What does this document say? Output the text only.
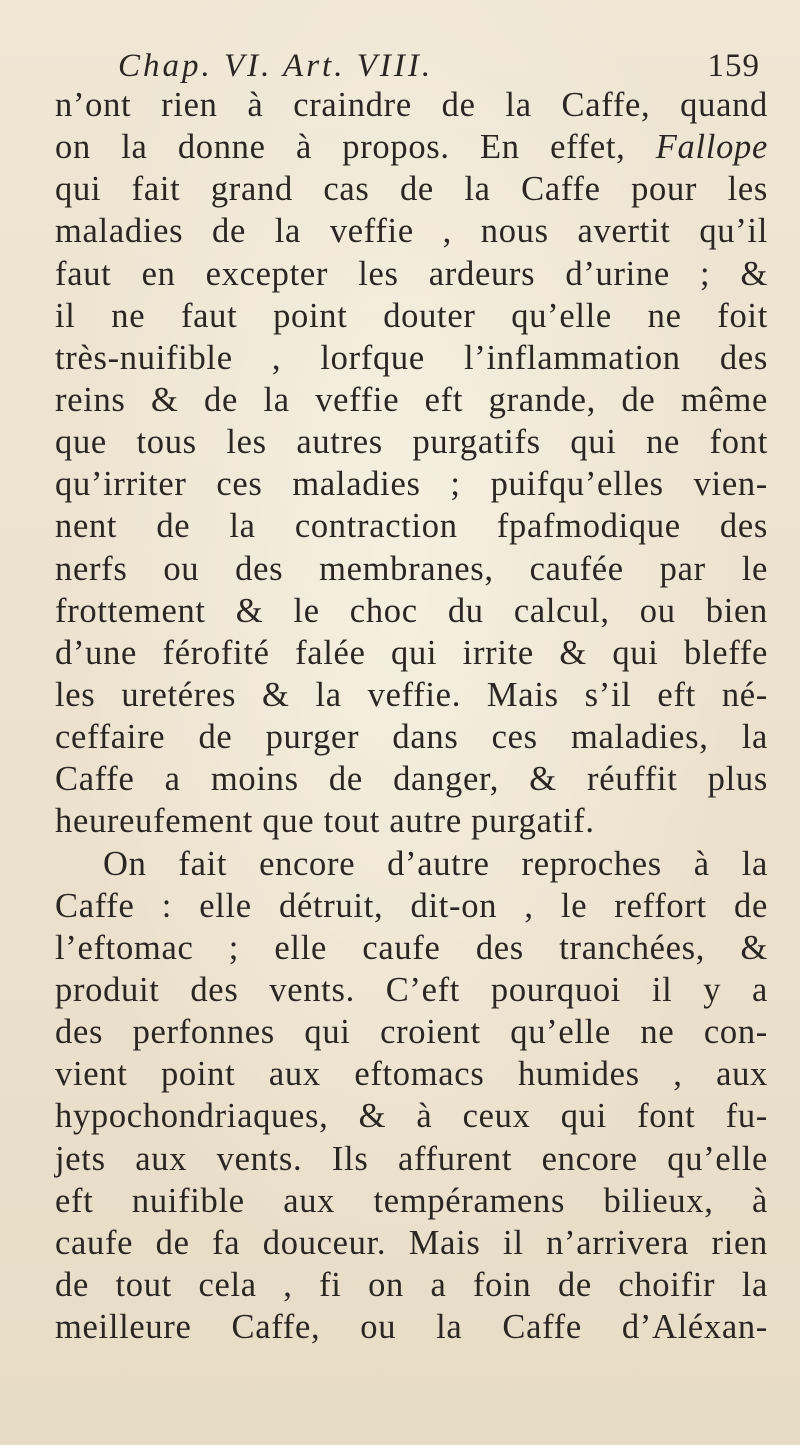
Chap. VI. Art. VIII.	159
n’ont rien à craindre de la Caffe, quand
on la donne à propos. En effet, Fallope
qui fait grand cas de la Caffe pour les
maladies de la veffie , nous avertit qu’il
faut en excepter les ardeurs d’urine ; &
il ne faut point douter qu’elle ne foit
très-nuifible , lorfque l’inflammation des
reins & de la veffie eft grande, de même
que tous les autres purgatifs qui ne font
qu’irriter ces maladies ; puifqu’elles vien-
nent de la contraction fpafmodique des
nerfs ou des membranes, caufée par le
frottement & le choc du calcul, ou bien
d’une férofité falée qui irrite & qui bleffe
les uretéres & la veffie. Mais s’il eft né-
ceffaire de purger dans ces maladies, la
Caffe a moins de danger, & réuffit plus
heureufement que tout autre purgatif.
On fait encore d’autre reproches à la
Caffe : elle détruit, dit-on , le reffort de
l’eftomac ; elle caufe des tranchées, &
produit des vents. C’eft pourquoi il y a
des perfonnes qui croient qu’elle ne con-
vient point aux eftomacs humides , aux
hypochondriaques, & à ceux qui font fu-
jets aux vents. Ils affurent encore qu’elle
eft nuifible aux tempéramens bilieux, à
caufe de fa douceur. Mais il n’arrivera rien
de tout cela , fi on a foin de choifir la
meilleure Caffe, ou la Caffe d’Aléxan-
